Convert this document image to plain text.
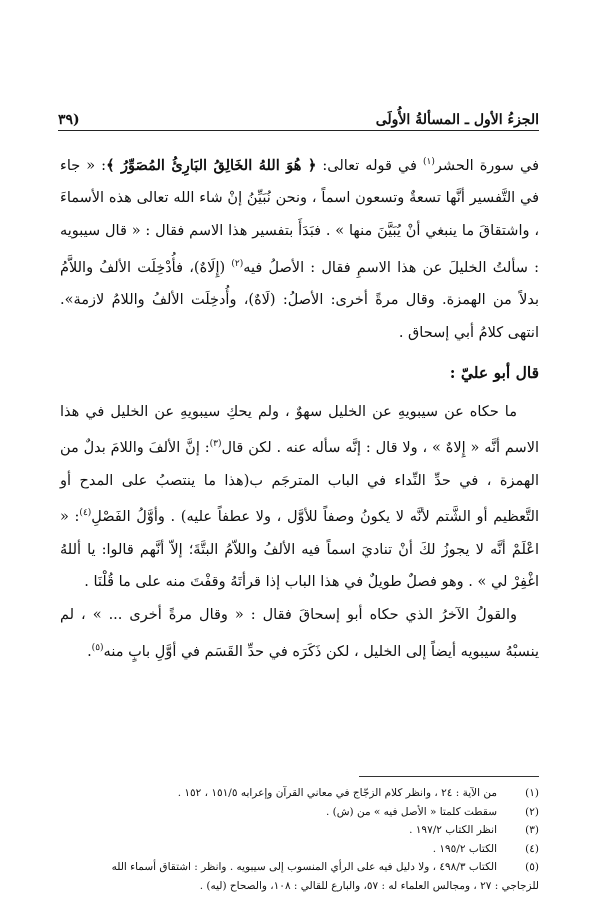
الجزءُ الأول ـ المسألةُ الأُولَى
(٣٩

في سورة الحشر$^{(١)}$ في قوله تعالى: ﴿ هُوَ اللهُ الخَالِقُ البَارِئُ المُصَوِّرُ ﴾: « جاء في التَّفسير أنَّها تسعةٌ وتسعون اسماً ، ونحن نُبَيِّنُ إنْ شاء الله تعالى هذه الأسماءَ ، واشتقاقَ ما ينبغي أنْ يُبَيَّنَ منها » . فبَدَأَ بتفسير هذا الاسم فقال : « قال سيبويه : سألتُ الخليلَ عن هذا الاسمِ فقال : الأصلُ فيه$^{(٢)}$ (إِلَاهٌ)، فأُدْخِلَت الألفُ واللاَّمُ بدلاً من الهمزة. وقال مرةً أخرى: الأصلُ: (لَاهٌ)، وأُدخِلَت الألفُ واللامُ لازمة». انتهى كلامُ أبي إسحاق .

قال أبو عليّ :

ما حكاه عن سيبويهِ عن الخليل سهوٌ ، ولم يحكِ سيبويهِ عن الخليل في هذا الاسم أنَّه « إِلاهٌ » ، ولا قال : إنَّه سأله عنه . لكن قال$^{(٣)}$: إنَّ الألفَ واللامَ بدلٌ من الهمزة ، في حدِّ النِّداء في الباب المترجَم ب(هذا ما ينتصبُ على المدح أو التَّعظيم أو الشَّتم لأنَّه لا يكونُ وصفاً للأوَّل ، ولا عطفاً عليه) . وأوَّلُ الفَصْلِ$^{(٤)}$: « اعْلَمْ أنَّه لا يجوزُ لكَ أنْ تناديَ اسماً فيه الألفُ واللاّمُ البتَّةَ؛ إلاّ أنَّهم قالوا: يا أللهُ اغْفِرْ لي » . وهو فصلٌ طويلٌ في هذا الباب إذا قرأتَهُ وقفْتَ منه على ما قُلْنَا .

والقولُ الآخرُ الذي حكاه أبو إسحاقَ فقال : « وقال مرةً أخرى ... » ، لم ينسبْهُ سيبويه أيضاً إلى الخليل ، لكن ذَكَرَه في حدِّ القَسَم في أوَّلِ بابٍ منه$^{(٥)}$.

(١)
من الآية : ٢٤ ، وانظر كلام الزجّاج في معاني القرآن وإعرابه ١٥١/٥ ، ١٥٢ .
(٢)
سقطت كلمتا « الأصل فيه » من (ش) .
(٣)
انظر الكتاب ١٩٧/٢ .
(٤)
الكتاب ١٩٥/٢ .
(٥)
الكتاب ٤٩٨/٣ ، ولا دليل فيه على الرأي المنسوب إلى سيبويه . وانظر : اشتقاق أسماء الله
للزجاجي : ٢٧ ، ومجالس العلماء له : ٥٧، والبارع للقالي : ١٠٨، والصحاح (ليه) .
